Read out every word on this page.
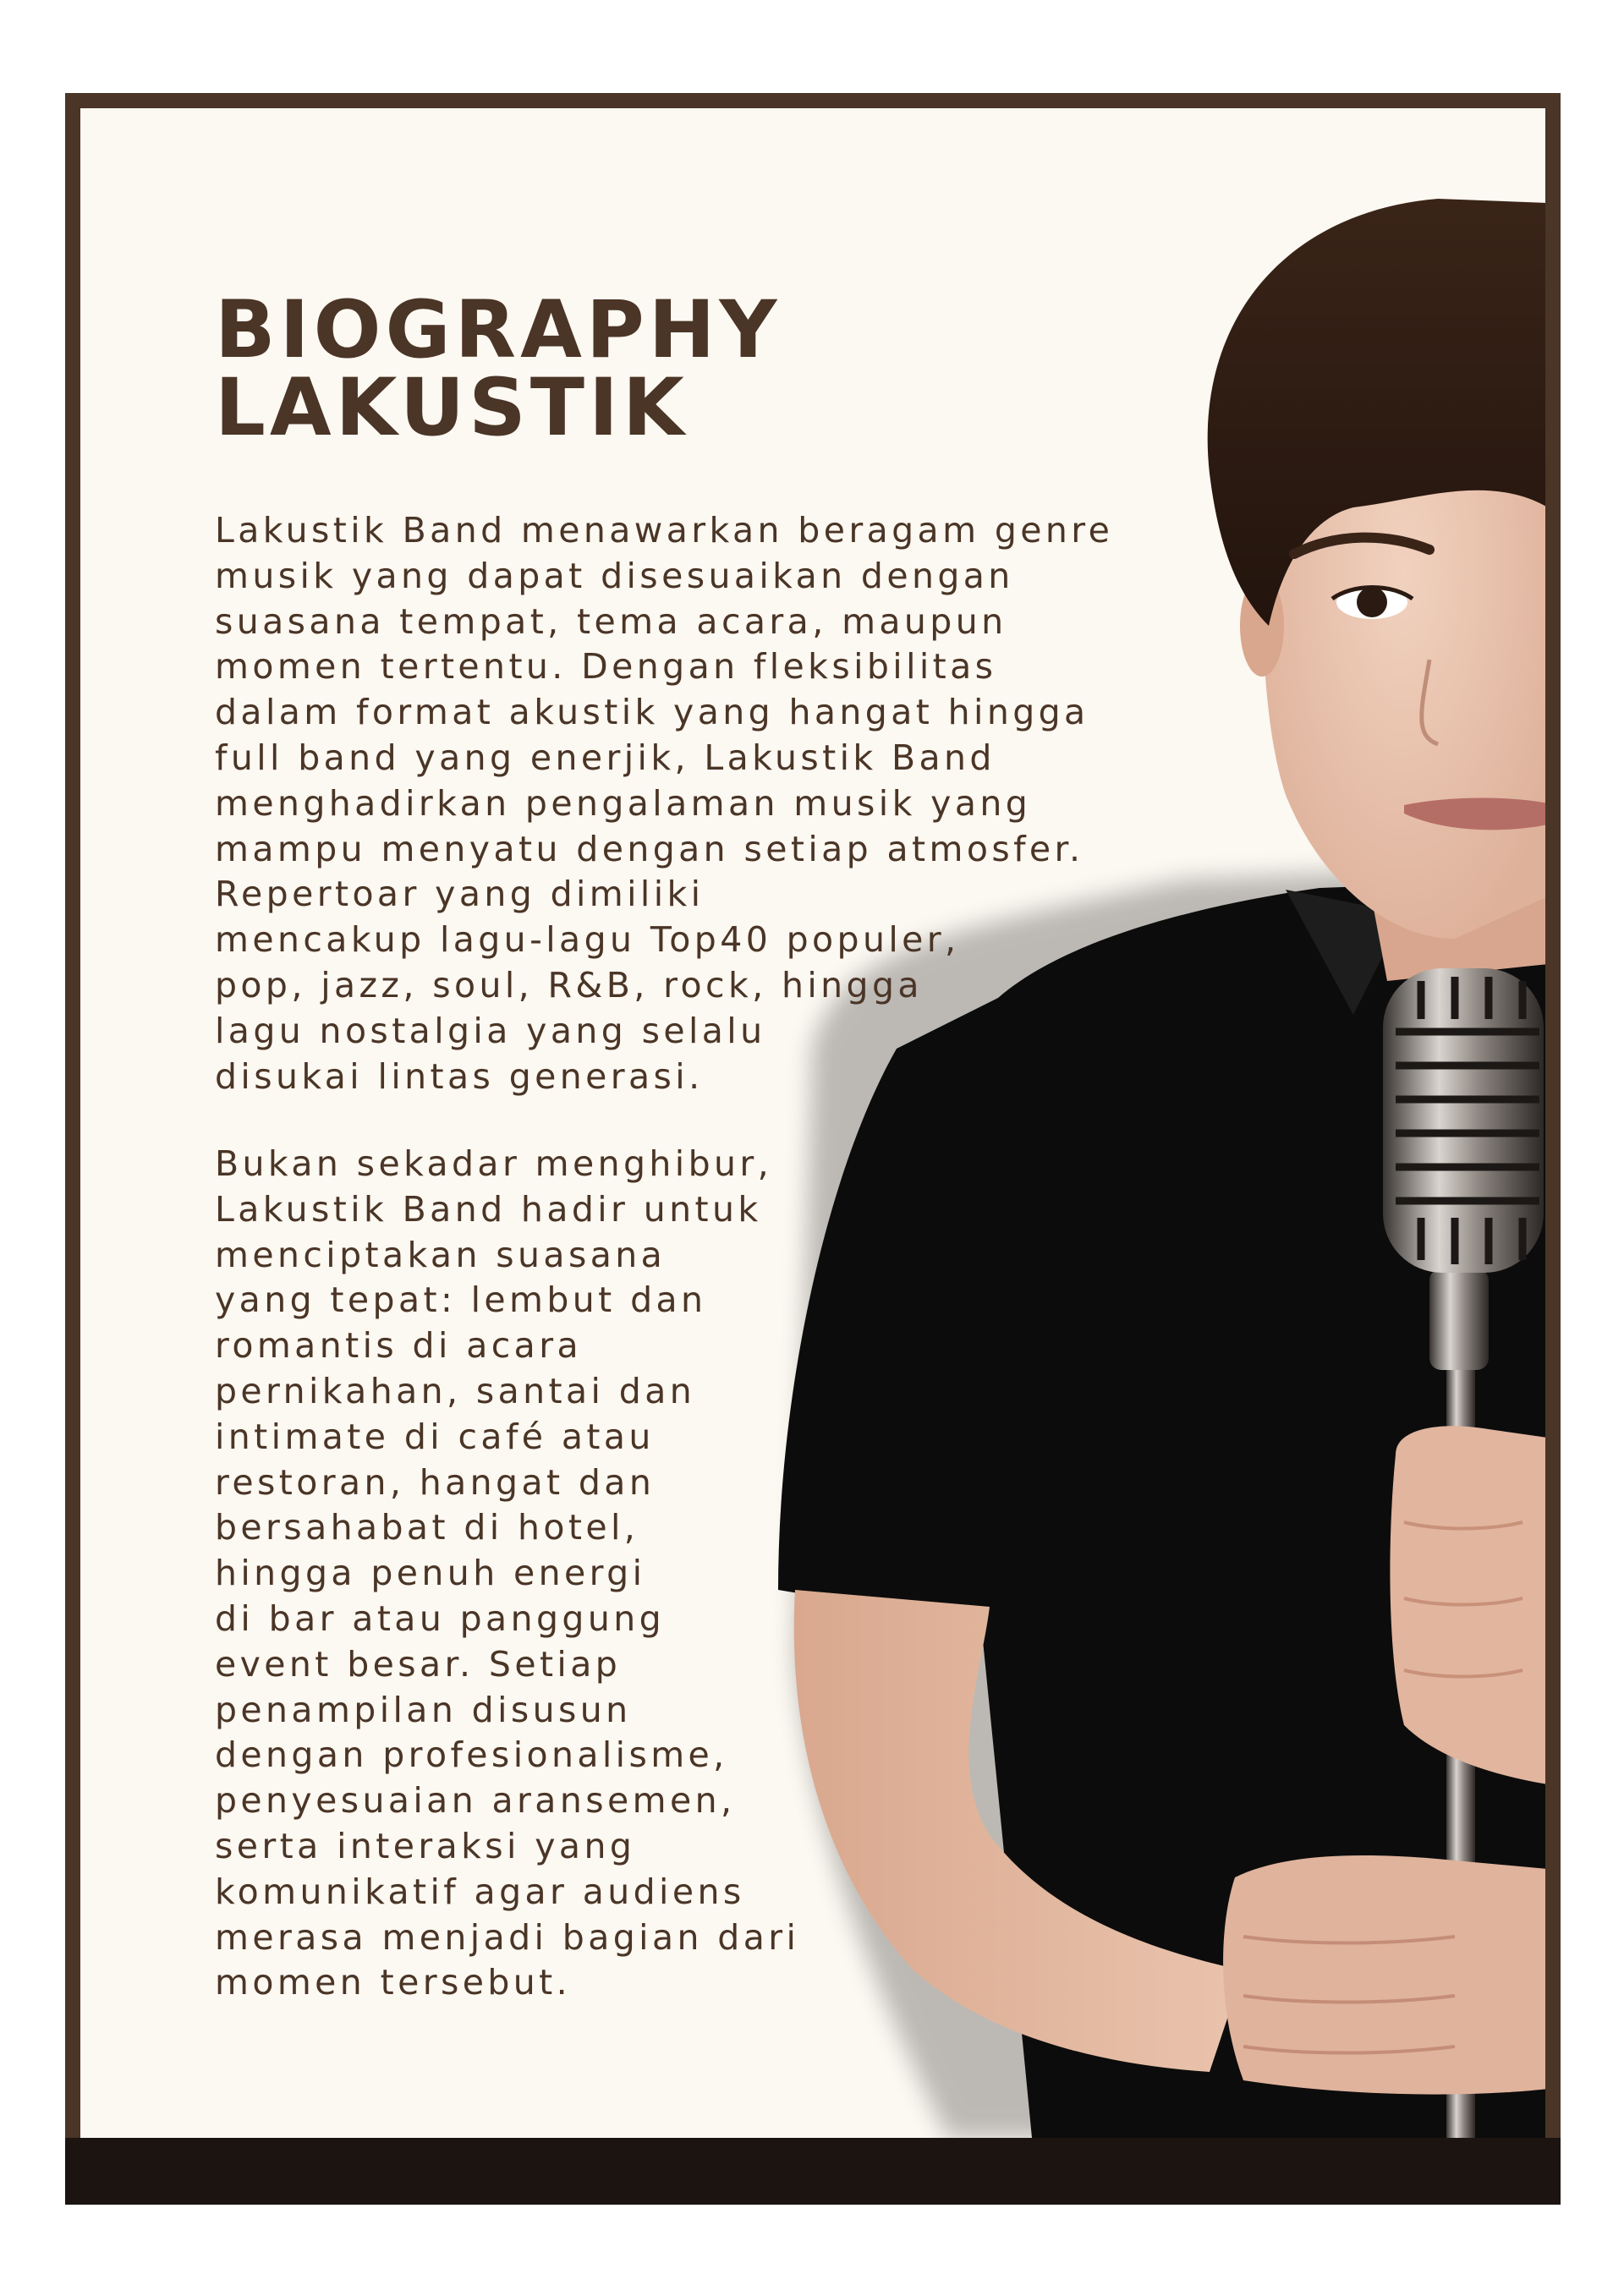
BIOGRAPHY
LAKUSTIK

Lakustik Band menawarkan beragam genre
musik yang dapat disesuaikan dengan
suasana tempat, tema acara, maupun
momen tertentu. Dengan fleksibilitas
dalam format akustik yang hangat hingga
full band yang enerjik, Lakustik Band
menghadirkan pengalaman musik yang
mampu menyatu dengan setiap atmosfer.
Repertoar yang dimiliki
mencakup lagu-lagu Top40 populer,
pop, jazz, soul, R&B, rock, hingga
lagu nostalgia yang selalu
disukai lintas generasi.

Bukan sekadar menghibur,
Lakustik Band hadir untuk
menciptakan suasana
yang tepat: lembut dan
romantis di acara
pernikahan, santai dan
intimate di café atau
restoran, hangat dan
bersahabat di hotel,
hingga penuh energi
di bar atau panggung
event besar. Setiap
penampilan disusun
dengan profesionalisme,
penyesuaian aransemen,
serta interaksi yang
komunikatif agar audiens
merasa menjadi bagian dari
momen tersebut.
